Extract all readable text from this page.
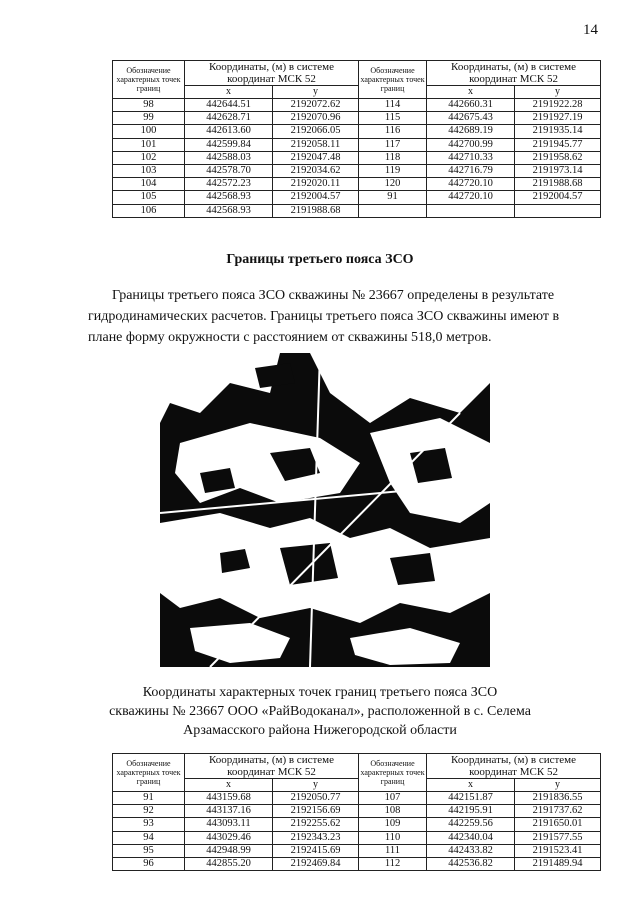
14
Обозначение характерных точек границ	Координаты, (м) в системе координат МСК 52		Обозначение характерных точек границ	Координаты, (м) в системе координат МСК 52	
	x	y		x	y
98	442644.51	2192072.62	114	442660.31	2191922.28
99	442628.71	2192070.96	115	442675.43	2191927.19
100	442613.60	2192066.05	116	442689.19	2191935.14
101	442599.84	2192058.11	117	442700.99	2191945.77
102	442588.03	2192047.48	118	442710.33	2191958.62
103	442578.70	2192034.62	119	442716.79	2191973.14
104	442572.23	2192020.11	120	442720.10	2191988.68
105	442568.93	2192004.57	91	442720.10	2192004.57
106	442568.93	2191988.68			
Границы третьего пояса ЗСО

Границы третьего пояса ЗСО скважины № 23667 определены в результате

гидродинамических расчетов. Границы третьего пояса ЗСО скважины имеют в

плане форму окружности с расстоянием от скважины 518,0 метров.

Координаты характерных точек границ третьего пояса ЗСО
скважины № 23667 ООО «РайВодоканал», расположенной в с. Селема
Арзамасского района Нижегородской области
Обозначение характерных точек границ	Координаты, (м) в системе координат МСК 52		Обозначение характерных точек границ	Координаты, (м) в системе координат МСК 52	
	x	y		x	y
91	443159.68	2192050.77	107	442151.87	2191836.55
92	443137.16	2192156.69	108	442195.91	2191737.62
93	443093.11	2192255.62	109	442259.56	2191650.01
94	443029.46	2192343.23	110	442340.04	2191577.55
95	442948.99	2192415.69	111	442433.82	2191523.41
96	442855.20	2192469.84	112	442536.82	2191489.94
